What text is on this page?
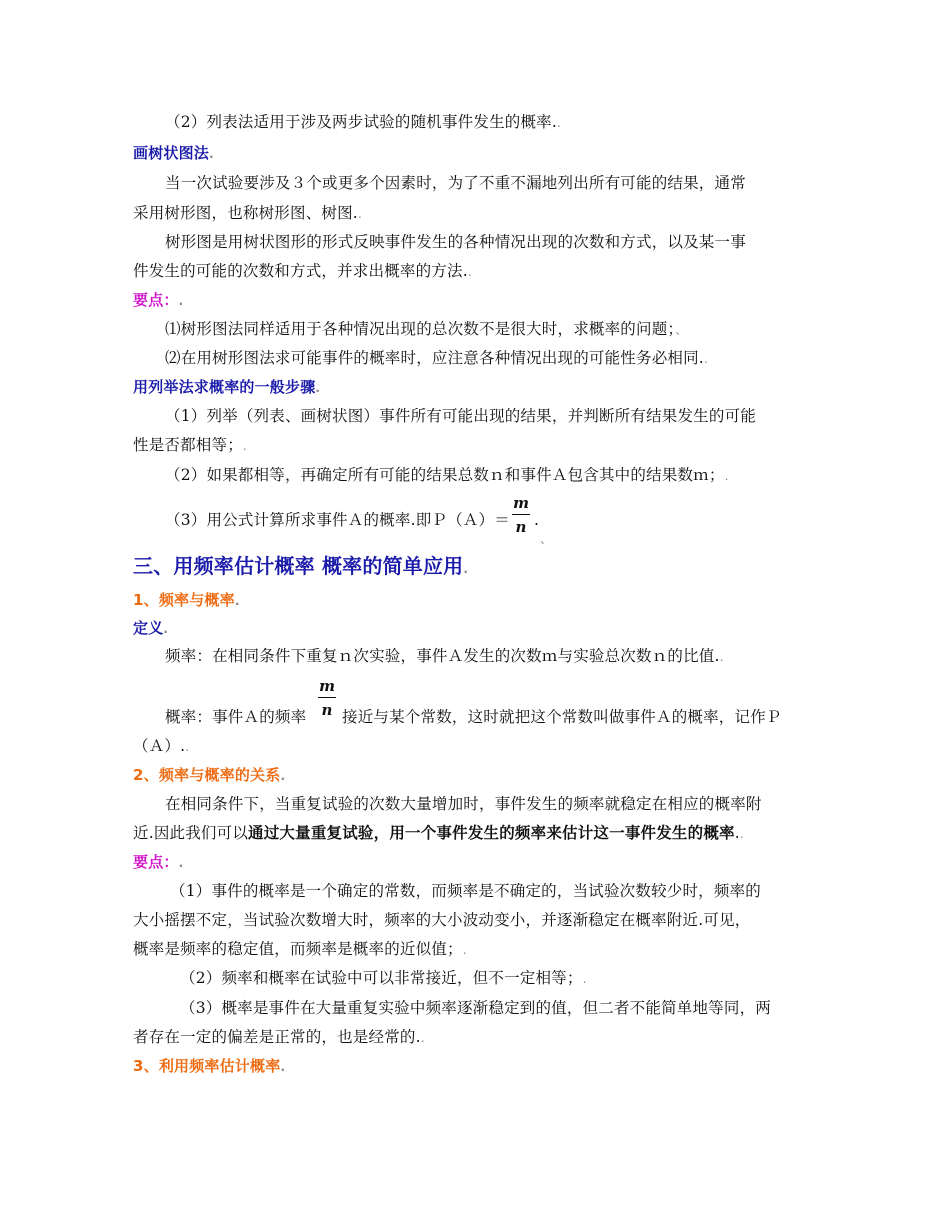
（2）列表法适用于涉及两步试验的随机事件发生的概率..
画树状图法.
当一次试验要涉及３个或更多个因素时，为了不重不漏地列出所有可能的结果，通常
采用树形图，也称树形图、树图..
树形图是用树状图形的形式反映事件发生的各种情况出现的次数和方式，以及某一事
件发生的可能的次数和方式，并求出概率的方法..
要点：.
⑴树形图法同样适用于各种情况出现的总次数不是很大时，求概率的问题；、
⑵在用树形图法求可能事件的概率时，应注意各种情况出现的可能性务必相同..
用列举法求概率的一般步骤.
（1）列举（列表、画树状图）事件所有可能出现的结果，并判断所有结果发生的可能
性是否都相等；.
（2）如果都相等，再确定所有可能的结果总数ｎ和事件Ａ包含其中的结果数ｍ；.
（3）用公式计算所求事件Ａ的概率.即Ｐ（Ａ）＝
m
n .
、
三、用频率估计概率 概率的简单应用.
1、频率与概率.
定义.
频率：在相同条件下重复ｎ次实验，事件Ａ发生的次数ｍ与实验总次数ｎ的比值..
概率：事件Ａ的频率
m
n 接近与某个常数，这时就把这个常数叫做事件Ａ的概率，记作Ｐ
（Ａ）..
2、频率与概率的关系.
在相同条件下，当重复试验的次数大量增加时，事件发生的频率就稳定在相应的概率附
近.因此我们可以通过大量重复试验，用一个事件发生的频率来估计这一事件发生的概率..
要点：.
（1）事件的概率是一个确定的常数，而频率是不确定的，当试验次数较少时，频率的
大小摇摆不定，当试验次数增大时，频率的大小波动变小，并逐渐稳定在概率附近.可见，
概率是频率的稳定值，而频率是概率的近似值；.
（2）频率和概率在试验中可以非常接近，但不一定相等；.
（3）概率是事件在大量重复实验中频率逐渐稳定到的值，但二者不能简单地等同，两
者存在一定的偏差是正常的，也是经常的..
3、利用频率估计概率.
